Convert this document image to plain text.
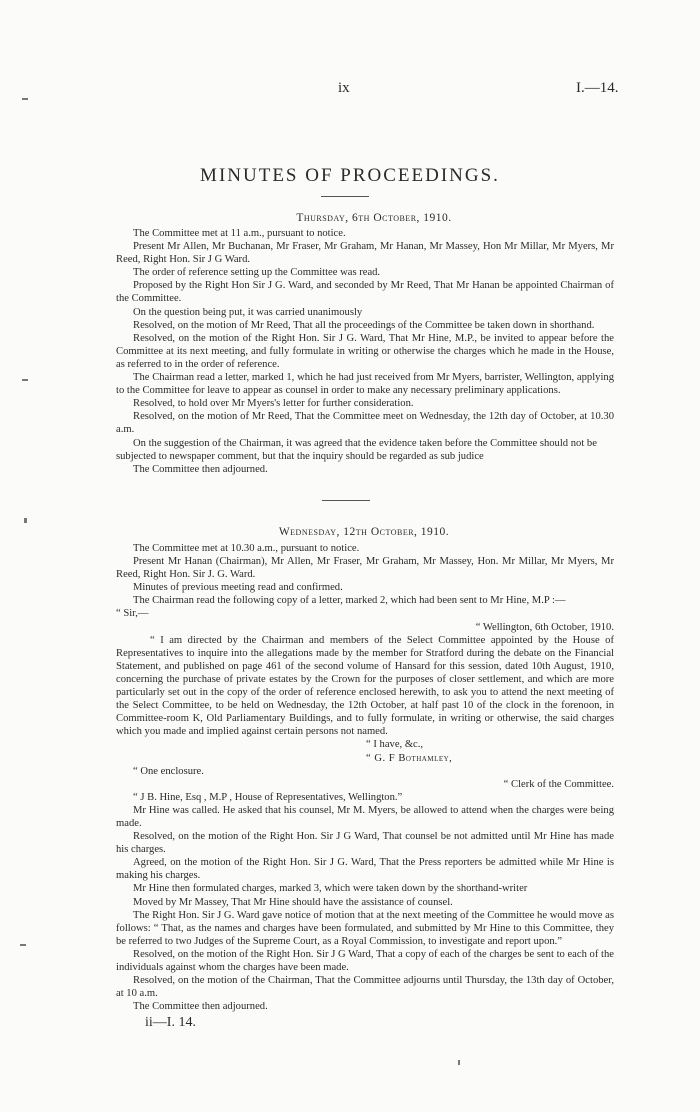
ix	I.—14.
MINUTES OF PROCEEDINGS.
Thursday, 6th October, 1910.

The Committee met at 11 a.m., pursuant to notice.

Present Mr Allen, Mr Buchanan, Mr Fraser, Mr Graham, Mr Hanan, Mr Massey, Hon Mr Millar, Mr Myers, Mr Reed, Right Hon. Sir J G Ward.

The order of reference setting up the Committee was read.

Proposed by the Right Hon Sir J G. Ward, and seconded by Mr Reed, That Mr Hanan be appointed Chairman of the Committee.

On the question being put, it was carried unanimously

Resolved, on the motion of Mr Reed, That all the proceedings of the Committee be taken down in shorthand.

Resolved, on the motion of the Right Hon. Sir J G. Ward, That Mr Hine, M.P., be invited to appear before the Committee at its next meeting, and fully formulate in writing or otherwise the charges which he made in the House, as referred to in the order of reference.

The Chairman read a letter, marked 1, which he had just received from Mr Myers, barrister, Wellington, applying to the Committee for leave to appear as counsel in order to make any necessary preliminary applications.

Resolved, to hold over Mr Myers's letter for further consideration.

Resolved, on the motion of Mr Reed, That the Committee meet on Wednesday, the 12th day of October, at 10.30 a.m.

On the suggestion of the Chairman, it was agreed that the evidence taken before the Committee should not be subjected to newspaper comment, but that the inquiry should be regarded as sub judice

The Committee then adjourned.

Wednesday, 12th October, 1910.

The Committee met at 10.30 a.m., pursuant to notice.

Present Mr Hanan (Chairman), Mr Allen, Mr Fraser, Mr Graham, Mr Massey, Hon. Mr Millar, Mr Myers, Mr Reed, Right Hon. Sir J. G. Ward.

Minutes of previous meeting read and confirmed.

The Chairman read the following copy of a letter, marked 2, which had been sent to Mr Hine, M.P :—

“ Sir,—

“ Wellington, 6th October, 1910.

“ I am directed by the Chairman and members of the Select Committee appointed by the House of Representatives to inquire into the allegations made by the member for Stratford during the debate on the Financial Statement, and published on page 461 of the second volume of Hansard for this session, dated 10th August, 1910, concerning the purchase of private estates by the Crown for the purposes of closer settlement, and which are more particularly set out in the copy of the order of reference enclosed herewith, to ask you to attend the next meeting of the Select Committee, to be held on Wednesday, the 12th October, at half past 10 of the clock in the forenoon, in Committee-room K, Old Parliamentary Buildings, and to fully formulate, in writing or otherwise, the said charges which you made and implied against certain persons not named.

“ I have, &c.,

“ G. F Bothamley,

“ One enclosure.

“ Clerk of the Committee.

“ J B. Hine, Esq , M.P , House of Representatives, Wellington.”

Mr Hine was called. He asked that his counsel, Mr M. Myers, be allowed to attend when the charges were being made.

Resolved, on the motion of the Right Hon. Sir J G Ward, That counsel be not admitted until Mr Hine has made his charges.

Agreed, on the motion of the Right Hon. Sir J G. Ward, That the Press reporters be admitted while Mr Hine is making his charges.

Mr Hine then formulated charges, marked 3, which were taken down by the shorthand-writer

Moved by Mr Massey, That Mr Hine should have the assistance of counsel.

The Right Hon. Sir J G. Ward gave notice of motion that at the next meeting of the Committee he would move as follows: “ That, as the names and charges have been formulated, and submitted by Mr Hine to this Committee, they be referred to two Judges of the Supreme Court, as a Royal Commission, to investigate and report upon.”

Resolved, on the motion of the Right Hon. Sir J G Ward, That a copy of each of the charges be sent to each of the individuals against whom the charges have been made.

Resolved, on the motion of the Chairman, That the Committee adjourns until Thursday, the 13th day of October, at 10 a.m.

The Committee then adjourned.

ii—I. 14.
